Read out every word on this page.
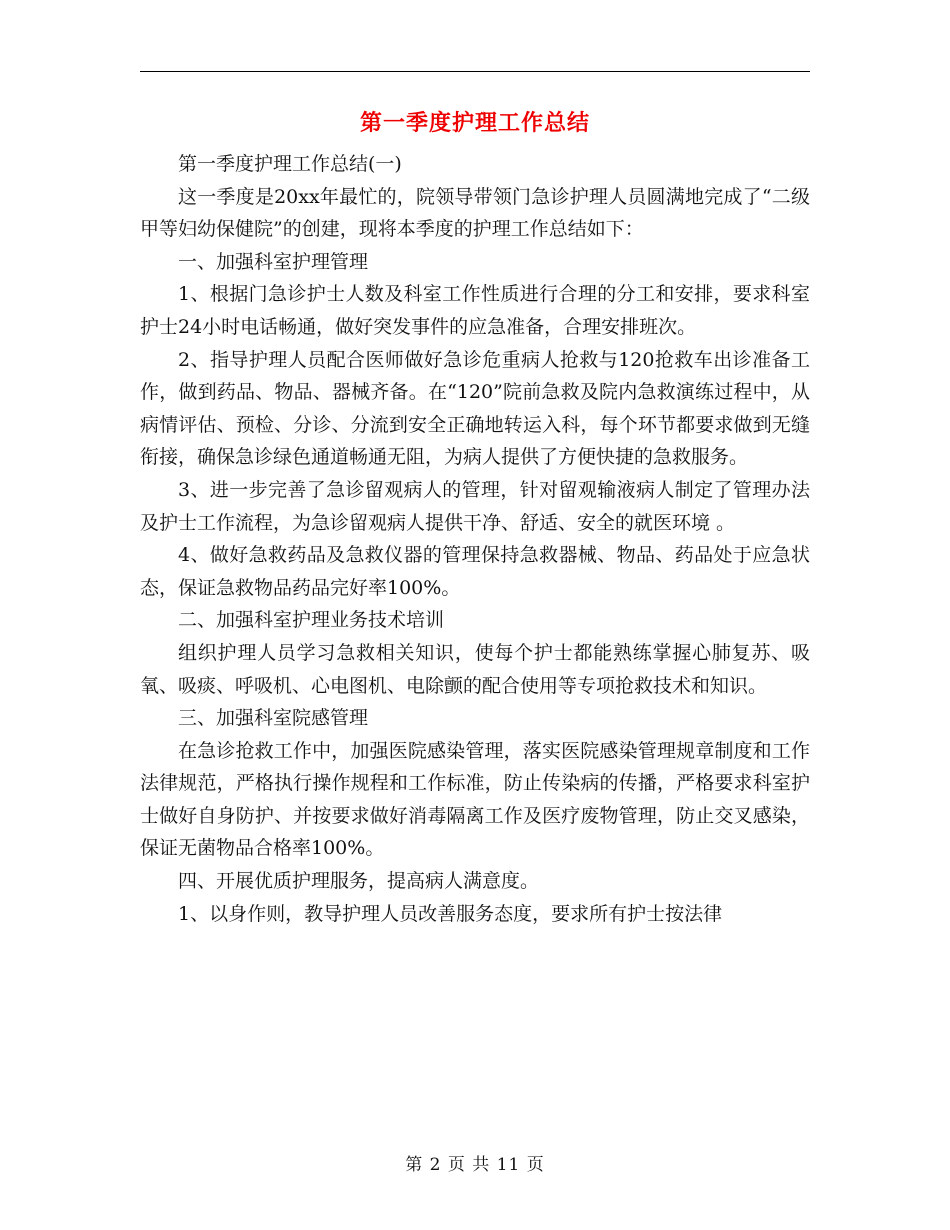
第一季度护理工作总结

第一季度护理工作总结(一)

这一季度是20xx年最忙的，院领导带领门急诊护理人员圆满地完成了“二级甲等妇幼保健院”的创建，现将本季度的护理工作总结如下：

一、加强科室护理管理

1、根据门急诊护士人数及科室工作性质进行合理的分工和安排，要求科室护士24小时电话畅通，做好突发事件的应急准备，合理安排班次。

2、指导护理人员配合医师做好急诊危重病人抢救与120抢救车出诊准备工作，做到药品、物品、器械齐备。在“120”院前急救及院内急救演练过程中，从病情评估、预检、分诊、分流到安全正确地转运入科，每个环节都要求做到无缝衔接，确保急诊绿色通道畅通无阻，为病人提供了方便快捷的急救服务。

3、进一步完善了急诊留观病人的管理，针对留观输液病人制定了管理办法及护士工作流程，为急诊留观病人提供干净、舒适、安全的就医环境 。

4、做好急救药品及急救仪器的管理保持急救器械、物品、药品处于应急状态，保证急救物品药品完好率100%。

二、加强科室护理业务技术培训

组织护理人员学习急救相关知识，使每个护士都能熟练掌握心肺复苏、吸氧、吸痰、呼吸机、心电图机、电除颤的配合使用等专项抢救技术和知识。

三、加强科室院感管理

在急诊抢救工作中，加强医院感染管理，落实医院感染管理规章制度和工作法律规范，严格执行操作规程和工作标准，防止传染病的传播，严格要求科室护士做好自身防护、并按要求做好消毒隔离工作及医疗废物管理，防止交叉感染，保证无菌物品合格率100%。

四、开展优质护理服务，提高病人满意度。

1、以身作则，教导护理人员改善服务态度，要求所有护士按法律

第 2 页 共 11 页
